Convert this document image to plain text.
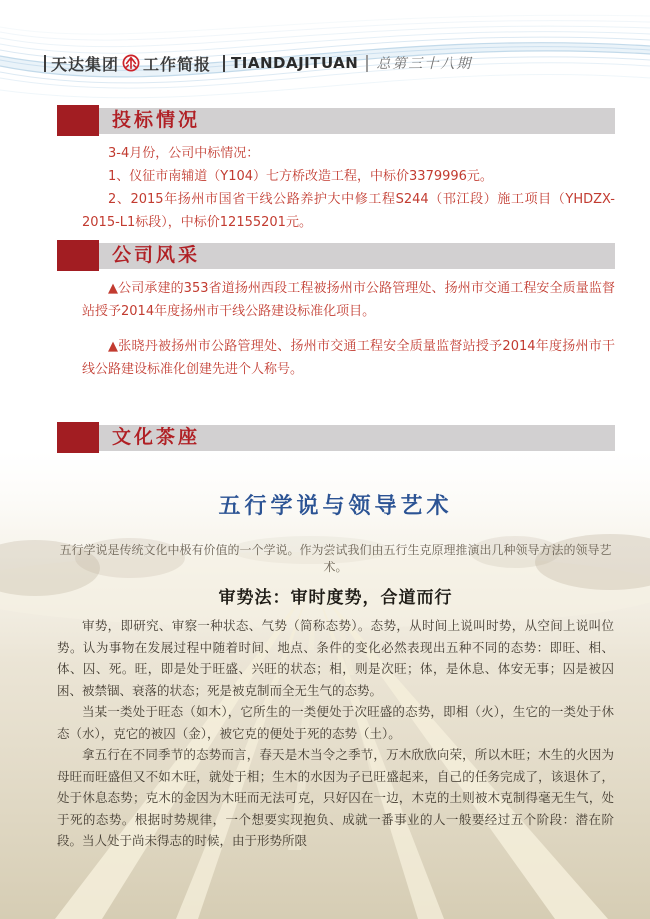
天达集团 工作简报 TIANDAJITUAN 总第三十八期
投标情况

3-4月份，公司中标情况：

1、仪征市南辅道（Y104）七方桥改造工程，中标价3379996元。

2、2015年扬州市国省干线公路养护大中修工程S244（邗江段）施工项目（YHDZX-2015-L1标段），中标价12155201元。

公司风采

▲公司承建的353省道扬州西段工程被扬州市公路管理处、扬州市交通工程安全质量监督站授予2014年度扬州市干线公路建设标准化项目。

▲张晓丹被扬州市公路管理处、扬州市交通工程安全质量监督站授予2014年度扬州市干线公路建设标准化创建先进个人称号。

文化茶座
五行学说与领导艺术

五行学说是传统文化中极有价值的一个学说。作为尝试我们由五行生克原理推演出几种领导方法的领导艺术。

审势法：审时度势，合道而行

审势，即研究、审察一种状态、气势（简称态势）。态势，从时间上说叫时势，从空间上说叫位势。认为事物在发展过程中随着时间、地点、条件的变化必然表现出五种不同的态势：即旺、相、体、囚、死。旺，即是处于旺盛、兴旺的状态；相，则是次旺；体，是休息、体安无事；囚是被囚困、被禁锢、衰落的状态；死是被克制而全无生气的态势。

当某一类处于旺态（如木），它所生的一类便处于次旺盛的态势，即相（火），生它的一类处于休态（水），克它的被囚（金），被它克的便处于死的态势（土）。

拿五行在不同季节的态势而言，春天是木当令之季节，万木欣欣向荣，所以木旺；木生的火因为母旺而旺盛但又不如木旺，就处于相；生木的水因为子已旺盛起来，自己的任务完成了，该退休了，处于休息态势；克木的金因为木旺而无法可克，只好囚在一边，木克的土则被木克制得毫无生气，处于死的态势。根据时势规律，一个想要实现抱负、成就一番事业的人一般要经过五个阶段：潜在阶段。当人处于尚未得志的时候，由于形势所限
